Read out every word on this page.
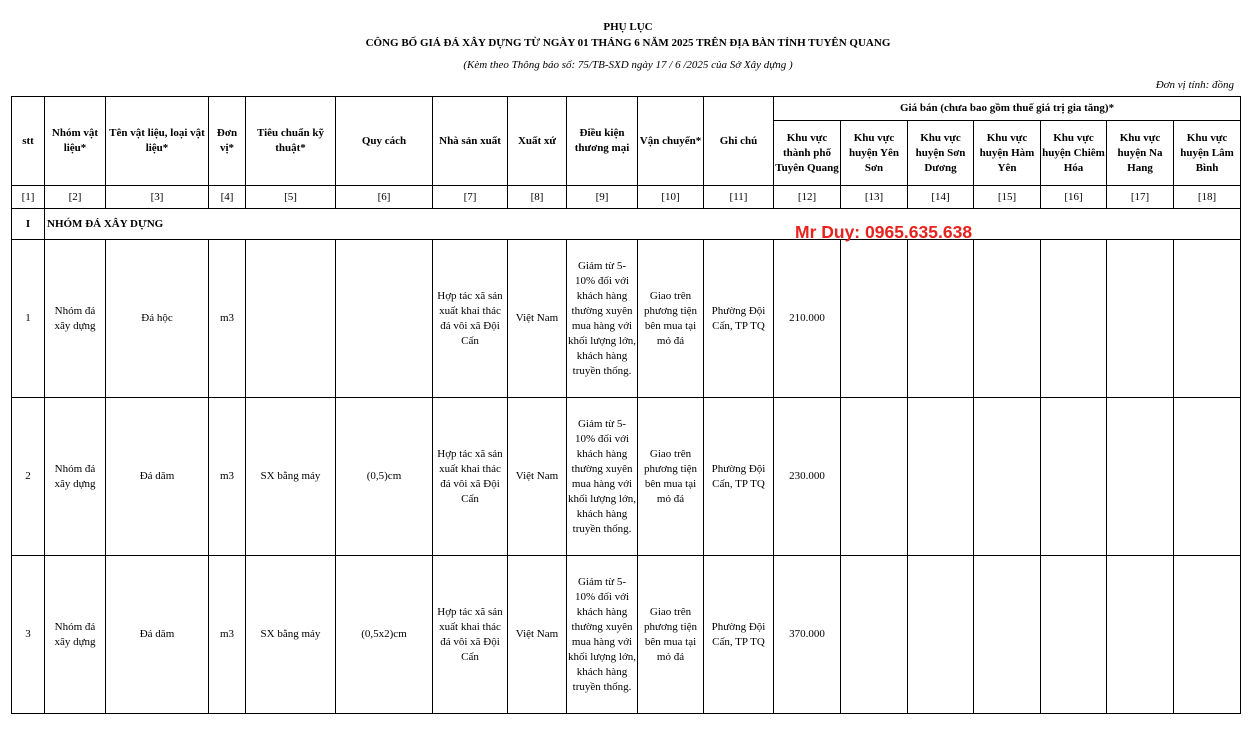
PHỤ LỤC
CÔNG BỐ GIÁ ĐÁ XÂY DỰNG TỪ NGÀY 01 THÁNG 6 NĂM 2025 TRÊN ĐỊA BÀN TỈNH TUYÊN QUANG
(Kèm theo Thông báo số: 75/TB-SXD ngày 17 / 6 /2025 của Sở Xây dựng )
Đơn vị tính: đồng
stt	Nhóm vật liệu*	Tên vật liệu, loại vật liệu*	Đơn vị*	Tiêu chuẩn kỹ thuật*	Quy cách	Nhà sản xuất	Xuất xứ	Điều kiện thương mại	Vận chuyển*	Ghi chú	Giá bán (chưa bao gồm thuế giá trị gia tăng)*						
											Khu vực thành phố Tuyên Quang	Khu vực huyện Yên Sơn	Khu vực huyện Sơn Dương	Khu vực huyện Hàm Yên	Khu vực huyện Chiêm Hóa	Khu vực huyện Na Hang	Khu vực huyện Lâm Bình
[1]	[2]	[3]	[4]	[5]	[6]	[7]	[8]	[9]	[10]	[11]	[12]	[13]	[14]	[15]	[16]	[17]	[18]
I	NHÓM ĐÁ XÂY DỰNG																
1	Nhóm đá xây dựng	Đá hộc	m3			Hợp tác xã sản xuất khai thác đá vôi xã Đội Cấn	Việt Nam	Giảm từ 5-10% đối với khách hàng thường xuyên mua hàng với khối lượng lớn, khách hàng truyền thống.	Giao trên phương tiện bên mua tại mỏ đá	Phường Đội Cấn, TP TQ	210.000						
2	Nhóm đá xây dựng	Đá dăm	m3	SX bằng máy	(0,5)cm	Hợp tác xã sản xuất khai thác đá vôi xã Đội Cấn	Việt Nam	Giảm từ 5-10% đối với khách hàng thường xuyên mua hàng với khối lượng lớn, khách hàng truyền thống.	Giao trên phương tiện bên mua tại mỏ đá	Phường Đội Cấn, TP TQ	230.000						
3	Nhóm đá xây dựng	Đá dăm	m3	SX bằng máy	(0,5x2)cm	Hợp tác xã sản xuất khai thác đá vôi xã Đội Cấn	Việt Nam	Giảm từ 5-10% đối với khách hàng thường xuyên mua hàng với khối lượng lớn, khách hàng truyền thống.	Giao trên phương tiện bên mua tại mỏ đá	Phường Đội Cấn, TP TQ	370.000						
Mr Duy: 0965.635.638
